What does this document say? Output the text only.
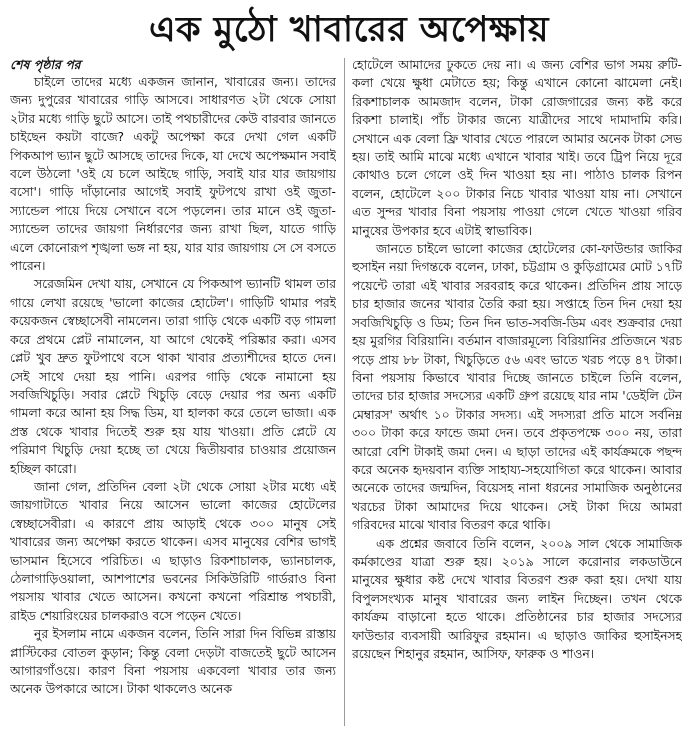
এক মুঠো খাবারের অপেক্ষায়
শেষ পৃষ্ঠার পর

চাইলে তাদের মধ্যে একজন জানান, খাবারের জন্য। তাদের জন্য দুপুরের খাবারের গাড়ি আসবে। সাধারণত ২টা থেকে সোয়া ২টার মধ্যে গাড়ি ছুটে আসে। তাই পথচারীদের কেউ বারবার জানতে চাইছেন কয়টা বাজে? একটু অপেক্ষা করে দেখা গেল একটি পিকআপ ভ্যান ছুটে আসছে তাদের দিকে, যা দেখে অপেক্ষমান সবাই বলে উঠলো 'ওই যে চলে আইছে গাড়ি, সবাই যার যার জায়গায় বসো'। গাড়ি দাঁড়ানোর আগেই সবাই ফুটপথে রাখা ওই জুতা-স্যান্ডেল পায়ে দিয়ে সেখানে বসে পড়লেন। তার মানে ওই জুতা-স্যান্ডেল তাদের জায়গা নির্ধারণের জন্য রাখা ছিল, যাতে গাড়ি এলে কোনোরূপ শৃঙ্খলা ভঙ্গ না হয়, যার যার জায়গায় সে সে বসতে পারেন।

সরেজমিন দেখা যায়, সেখানে যে পিকআপ ভ্যানটি থামল তার গায়ে লেখা রয়েছে 'ভালো কাজের হোটেল'। গাড়িটি থামার পরই কয়েকজন স্বেচ্ছাসেবী নামলেন। তারা গাড়ি থেকে একটি বড় গামলা করে প্রথমে প্লেট নামালেন, যা আগে থেকেই পরিষ্কার করা। এসব প্লেট খুব দ্রুত ফুটপাথে বসে থাকা খাবার প্রত্যাশীদের হাতে দেন। সেই সাথে দেয়া হয় পানি। এরপর গাড়ি থেকে নামানো হয় সবজিখিচুড়ি। সবার প্লেটে খিচুড়ি বেড়ে দেয়ার পর অন্য একটি গামলা করে আনা হয় সিদ্ধ ডিম, যা হালকা করে তেলে ভাজা। এক প্রস্ত থেকে খাবার দিতেই শুরু হয় যায় খাওয়া। প্রতি প্লেটে যে পরিমাণ খিচুড়ি দেয়া হচ্ছে তা খেয়ে দ্বিতীয়বার চাওয়ার প্রয়োজন হচ্ছিল কারো।

জানা গেল, প্রতিদিন বেলা ২টা থেকে সোয়া ২টার মধ্যে এই জায়গাটাতে খাবার নিয়ে আসেন ভালো কাজের হোটেলের স্বেচ্ছাসেবীরা। এ কারণে প্রায় আড়াই থেকে ৩০০ মানুষ সেই খাবারের জন্য অপেক্ষা করতে থাকেন। এসব মানুষের বেশির ভাগই ভাসমান হিসেবে পরিচিত। এ ছাড়াও রিকশাচালক, ভ্যানচালক, ঠেলাগাড়িওয়ালা, আশপাশের ভবনের সিকিউরিটি গার্ডরাও বিনা পয়সায় খাবার খেতে আসেন। কখনো কখনো পরিশ্রান্ত পথচারী, রাইড শেয়ারিংয়ের চালকরাও বসে পড়েন খেতে।

নুর ইসলাম নামে একজন বলেন, তিনি সারা দিন বিভিন্ন রাস্তায় প্লাস্টিকের বোতল কুড়ান; কিন্তু বেলা দেড়টা বাজতেই ছুটে আসেন আগারগাঁওয়ে। কারণ বিনা পয়সায় একবেলা খাবার তার জন্য অনেক উপকারে আসে। টাকা থাকলেও অনেক

হোটেলে আমাদের ঢুকতে দেয় না। এ জন্য বেশির ভাগ সময় রুটি-কলা খেয়ে ক্ষুধা মেটাতে হয়; কিন্তু এখানে কোনো ঝামেলা নেই। রিকশাচালক আমজাদ বলেন, টাকা রোজগারের জন্য কষ্ট করে রিকশা চালাই। পাঁচ টাকার জন্যে যাত্রীদের সাথে দামাদামি করি। সেখানে এক বেলা ফ্রি খাবার খেতে পারলে আমার অনেক টাকা সেভ হয়। তাই আমি মাঝে মধ্যে এখানে খাবার খাই। তবে ট্রিপ নিয়ে দূরে কোথাও চলে গেলে ওই দিন খাওয়া হয় না। পাঠাও চালক রিপন বলেন, হোটেলে ২০০ টাকার নিচে খাবার খাওয়া যায় না। সেখানে এত সুন্দর খাবার বিনা পয়সায় পাওয়া গেলে খেতে খাওয়া গরিব মানুষের উপকার হবে এটাই স্বাভাবিক।

জানতে চাইলে ভালো কাজের হোটেলের কো-ফাউন্ডার জাকির হুসাইন নয়া দিগন্তকে বলেন, ঢাকা, চট্টগ্রাম ও কুড়িগ্রামের মোট ১৭টি পয়েন্টে তারা এই খাবার সরবরাহ করে থাকেন। প্রতিদিন প্রায় সাড়ে চার হাজার জনের খাবার তৈরি করা হয়। সপ্তাহে তিন দিন দেয়া হয় সবজিখিচুড়ি ও ডিম; তিন দিন ভাত-সবজি-ডিম এবং শুক্রবার দেয়া হয় মুরগির বিরিয়ানি। বর্তমান বাজারমূল্যে বিরিয়ানির প্রতিজনে খরচ পড়ে প্রায় ৮৮ টাকা, খিচুড়িতে ৫৬ এবং ভাতে খরচ পড়ে ৪৭ টাকা। বিনা পয়সায় কিভাবে খাবার দিচ্ছে জানতে চাইলে তিনি বলেন, তাদের চার হাজার সদস্যের একটি গ্রুপ রয়েছে যার নাম 'ডেইলি টেন মেম্বারস' অর্থাৎ ১০ টাকার সদস্য। এই সদস্যরা প্রতি মাসে সর্বনিম্ন ৩০০ টাকা করে ফান্ডে জমা দেন। তবে প্রকৃতপক্ষে ৩০০ নয়, তারা আরো বেশি টাকাই জমা দেন। এ ছাড়া তাদের এই কার্যক্রমকে পছন্দ করে অনেক হৃদয়বান ব্যক্তি সাহায্য-সহযোগিতা করে থাকেন। আবার অনেকে তাদের জন্মদিন, বিয়েসহ নানা ধরনের সামাজিক অনুষ্ঠানের খরচের টাকা আমাদের দিয়ে থাকেন। সেই টাকা দিয়ে আমরা গরিবদের মাঝে খাবার বিতরণ করে থাকি।

এক প্রশ্নের জবাবে তিনি বলেন, ২০০৯ সাল থেকে সামাজিক কর্মকাণ্ডের যাত্রা শুরু হয়। ২০১৯ সালে করোনার লকডাউনে মানুষের ক্ষুধার কষ্ট দেখে খাবার বিতরণ শুরু করা হয়। দেখা যায় বিপুলসংখ্যক মানুষ খাবারের জন্য লাইন দিচ্ছেন। তখন থেকে কার্যক্রম বাড়ানো হতে থাকে। প্রতিষ্ঠানের চার হাজার সদস্যের ফাউন্ডার ব্যবসায়ী আরিফুর রহমান। এ ছাড়াও জাকির হুসাইনসহ রয়েছেন শিহানুর রহমান, আসিফ, ফারুক ও শাওন।
